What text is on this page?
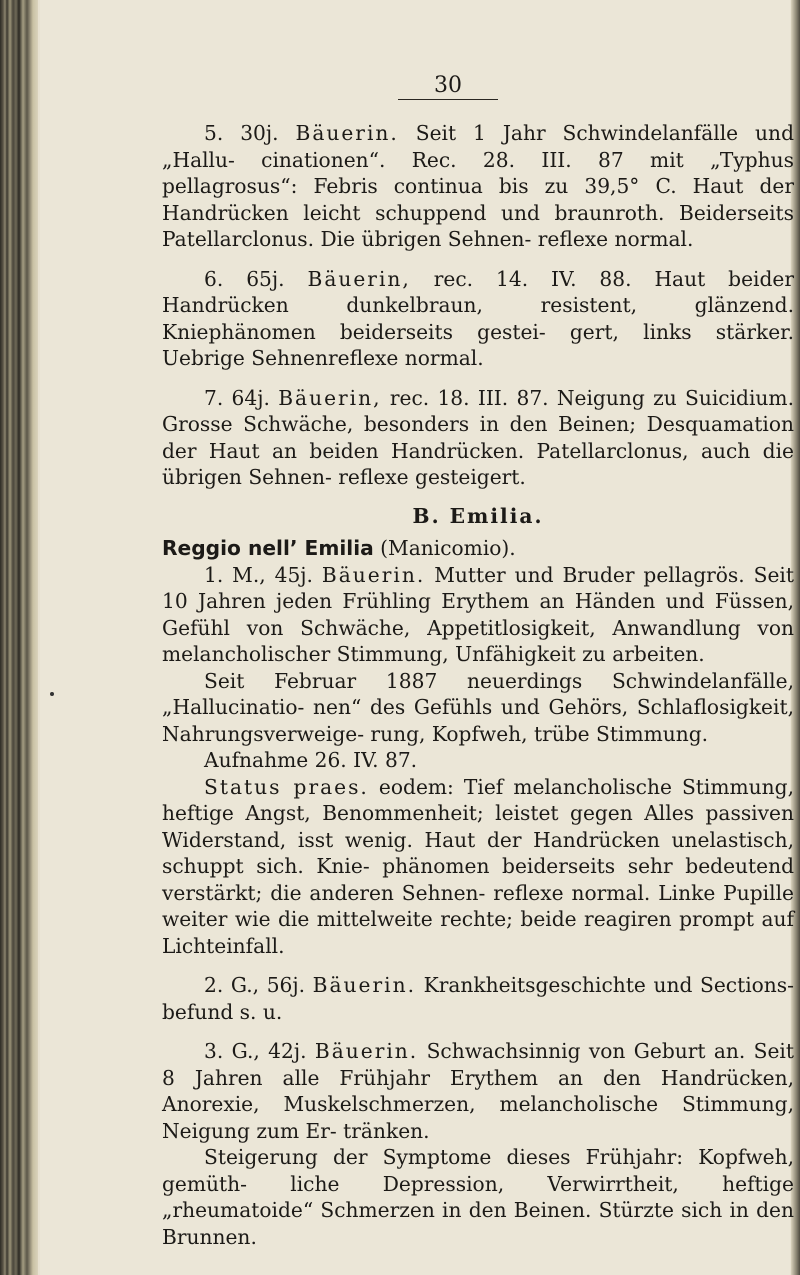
30

5. 30j. Bäuerin. Seit 1 Jahr Schwindelanfälle und „Hallu- cinationen“. Rec. 28. III. 87 mit „Typhus pellagrosus“: Febris continua bis zu 39,5° C. Haut der Handrücken leicht schuppend und braunroth. Beiderseits Patellarclonus. Die übrigen Sehnen- reflexe normal.

6. 65j. Bäuerin, rec. 14. IV. 88. Haut beider Handrücken dunkelbraun, resistent, glänzend. Kniephänomen beiderseits gestei- gert, links stärker. Uebrige Sehnenreflexe normal.

7. 64j. Bäuerin, rec. 18. III. 87. Neigung zu Suicidium. Grosse Schwäche, besonders in den Beinen; Desquamation der Haut an beiden Handrücken. Patellarclonus, auch die übrigen Sehnen- reflexe gesteigert.

B. Emilia.

Reggio nell’ Emilia (Manicomio).

1. M., 45j. Bäuerin. Mutter und Bruder pellagrös. Seit 10 Jahren jeden Frühling Erythem an Händen und Füssen, Gefühl von Schwäche, Appetitlosigkeit, Anwandlung von melancholischer Stimmung, Unfähigkeit zu arbeiten.

Seit Februar 1887 neuerdings Schwindelanfälle, „Hallucinatio- nen“ des Gefühls und Gehörs, Schlaflosigkeit, Nahrungsverweige- rung, Kopfweh, trübe Stimmung.

Aufnahme 26. IV. 87.

Status praes. eodem: Tief melancholische Stimmung, heftige Angst, Benommenheit; leistet gegen Alles passiven Widerstand, isst wenig. Haut der Handrücken unelastisch, schuppt sich. Knie- phänomen beiderseits sehr bedeutend verstärkt; die anderen Sehnen- reflexe normal. Linke Pupille weiter wie die mittelweite rechte; beide reagiren prompt auf Lichteinfall.

2. G., 56j. Bäuerin. Krankheitsgeschichte und Sections- befund s. u.

3. G., 42j. Bäuerin. Schwachsinnig von Geburt an. Seit 8 Jahren alle Frühjahr Erythem an den Handrücken, Anorexie, Muskelschmerzen, melancholische Stimmung, Neigung zum Er- tränken.

Steigerung der Symptome dieses Frühjahr: Kopfweh, gemüth- liche Depression, Verwirrtheit, heftige „rheumatoide“ Schmerzen in den Beinen. Stürzte sich in den Brunnen.
